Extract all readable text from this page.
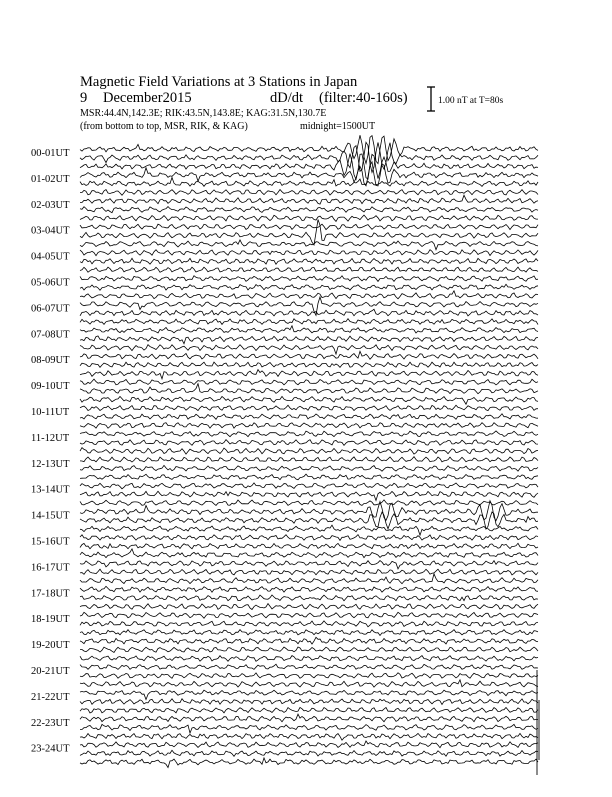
Magnetic Field Variations at 3 Stations in Japan
9 December2015	dD/dt (filter:40-160s)
MSR:44.4N,142.3E; RIK:43.5N,143.8E; KAG:31.5N,130.7E
(from bottom to top, MSR, RIK, & KAG)	midnight=1500UT
1.00 nT at T=80s
00-01UT
01-02UT
02-03UT
03-04UT
04-05UT
05-06UT
06-07UT
07-08UT
08-09UT
09-10UT
10-11UT
11-12UT
12-13UT
13-14UT
14-15UT
15-16UT
16-17UT
17-18UT
18-19UT
19-20UT
20-21UT
21-22UT
22-23UT
23-24UT
